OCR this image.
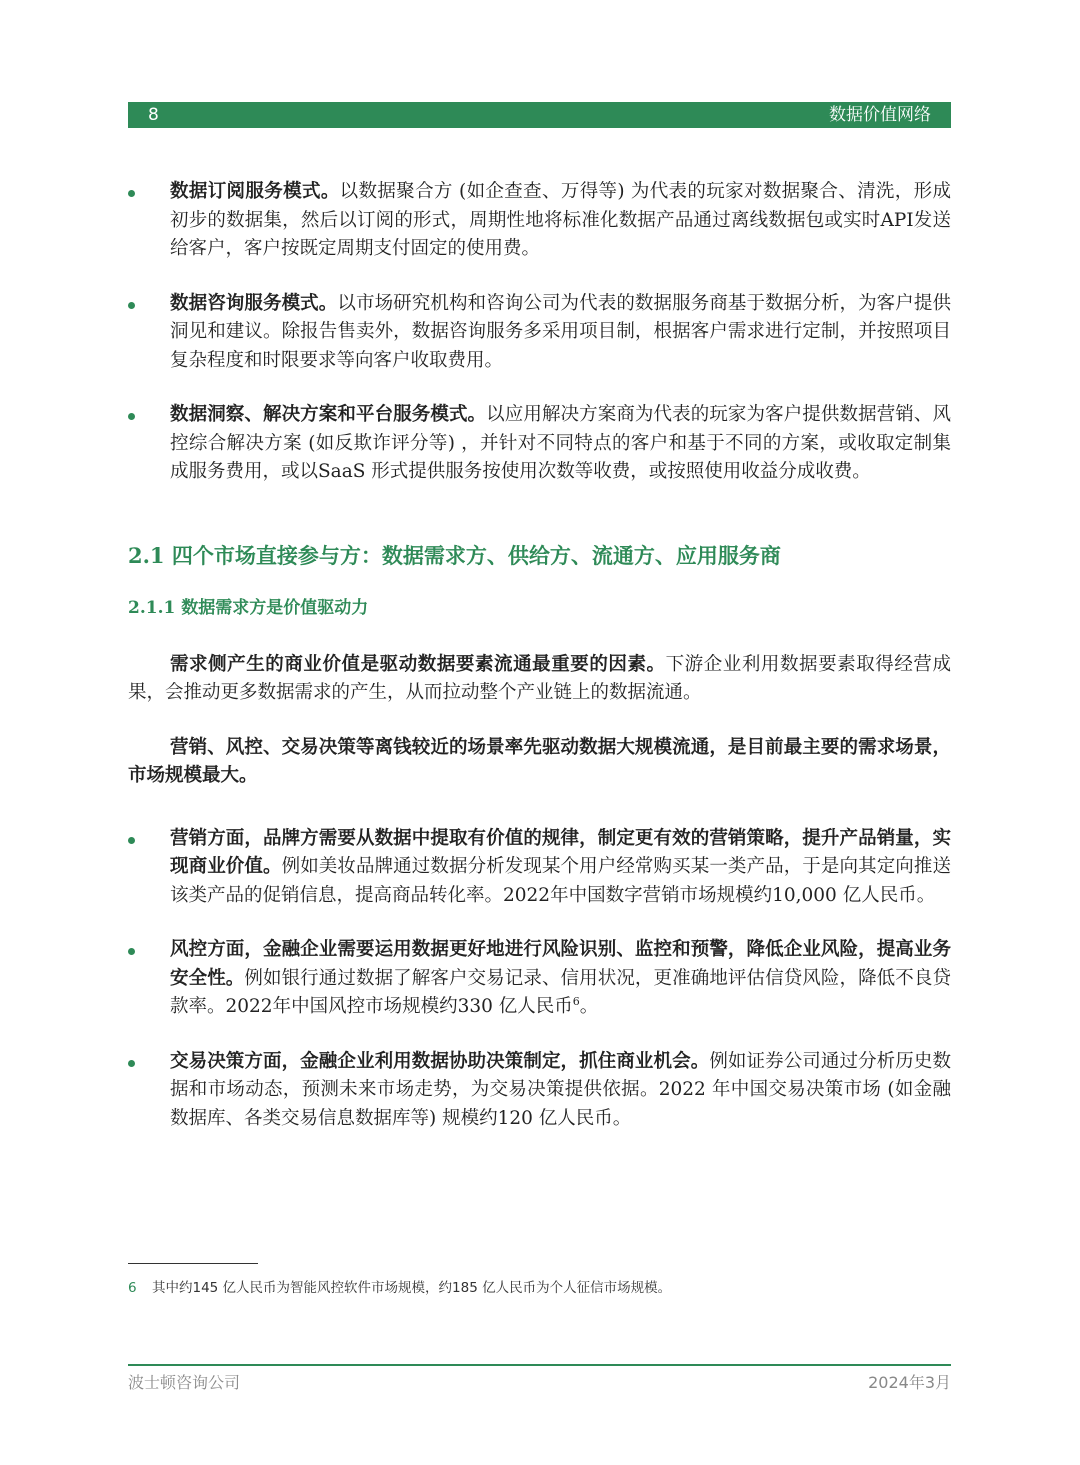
8	数据价值网络
数据订阅服务模式。以数据聚合方 (如企查查、万得等) 为代表的玩家对数据聚合、清洗，形成初步的数据集，然后以订阅的形式，周期性地将标准化数据产品通过离线数据包或实时API发送给客户，客户按既定周期支付固定的使用费。
数据咨询服务模式。以市场研究机构和咨询公司为代表的数据服务商基于数据分析，为客户提供洞见和建议。除报告售卖外，数据咨询服务多采用项目制，根据客户需求进行定制，并按照项目复杂程度和时限要求等向客户收取费用。
数据洞察、解决方案和平台服务模式。以应用解决方案商为代表的玩家为客户提供数据营销、风控综合解决方案 (如反欺诈评分等) ，并针对不同特点的客户和基于不同的方案，或收取定制集成服务费用，或以SaaS 形式提供服务按使用次数等收费，或按照使用收益分成收费。
2.1 四个市场直接参与方：数据需求方、供给方、流通方、应用服务商
2.1.1 数据需求方是价值驱动力
需求侧产生的商业价值是驱动数据要素流通最重要的因素。下游企业利用数据要素取得经营成果，会推动更多数据需求的产生，从而拉动整个产业链上的数据流通。
营销、风控、交易决策等离钱较近的场景率先驱动数据大规模流通，是目前最主要的需求场景，市场规模最大。
营销方面，品牌方需要从数据中提取有价值的规律，制定更有效的营销策略，提升产品销量，实现商业价值。例如美妆品牌通过数据分析发现某个用户经常购买某一类产品，于是向其定向推送该类产品的促销信息，提高商品转化率。2022年中国数字营销市场规模约10,000 亿人民币。
风控方面，金融企业需要运用数据更好地进行风险识别、监控和预警，降低企业风险，提高业务安全性。例如银行通过数据了解客户交易记录、信用状况，更准确地评估信贷风险，降低不良贷款率。2022年中国风控市场规模约330 亿人民币$^6$。
交易决策方面，金融企业利用数据协助决策制定，抓住商业机会。例如证券公司通过分析历史数据和市场动态，预测未来市场走势，为交易决策提供依据。2022 年中国交易决策市场 (如金融数据库、各类交易信息数据库等) 规模约120 亿人民币。
6 其中约145 亿人民币为智能风控软件市场规模，约185 亿人民币为个人征信市场规模。
波士顿咨询公司	2024年3月
